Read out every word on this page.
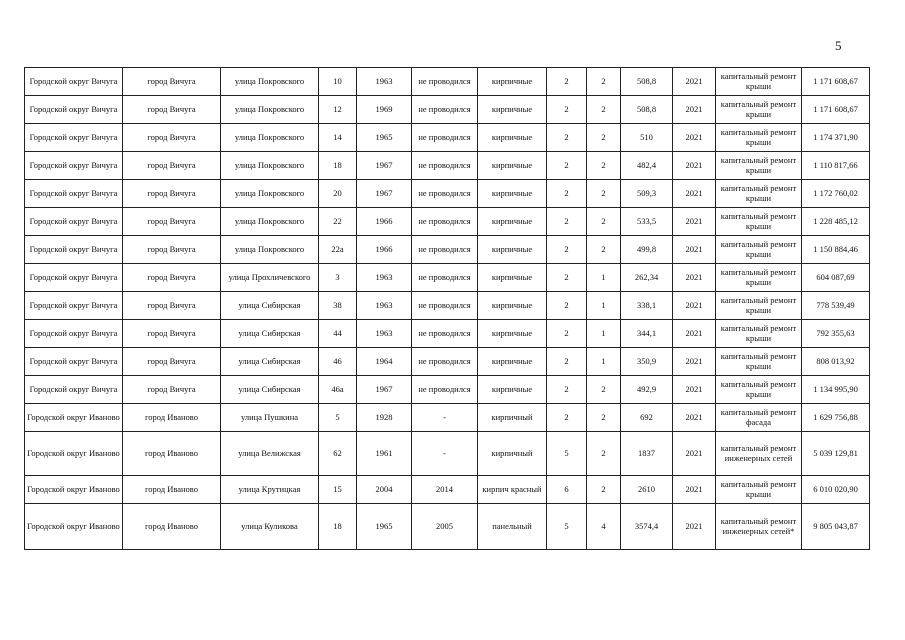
5
Городской округ Вичуга	город Вичуга	улица Покровского	10	1963	не проводился	кирпичные	2	2	508,8	2021	капитальный ремонт крыши	1 171 608,67
Городской округ Вичуга	город Вичуга	улица Покровского	12	1969	не проводился	кирпичные	2	2	508,8	2021	капитальный ремонт крыши	1 171 608,67
Городской округ Вичуга	город Вичуга	улица Покровского	14	1965	не проводился	кирпичные	2	2	510	2021	капитальный ремонт крыши	1 174 371,90
Городской округ Вичуга	город Вичуга	улица Покровского	18	1967	не проводился	кирпичные	2	2	482,4	2021	капитальный ремонт крыши	1 110 817,66
Городской округ Вичуга	город Вичуга	улица Покровского	20	1967	не проводился	кирпичные	2	2	509,3	2021	капитальный ремонт крыши	1 172 760,02
Городской округ Вичуга	город Вичуга	улица Покровского	22	1966	не проводился	кирпичные	2	2	533,5	2021	капитальный ремонт крыши	1 228 485,12
Городской округ Вичуга	город Вичуга	улица Покровского	22а	1966	не проводился	кирпичные	2	2	499,8	2021	капитальный ремонт крыши	1 150 884,46
Городской округ Вичуга	город Вичуга	улица Прохличевского	3	1963	не проводился	кирпичные	2	1	262,34	2021	капитальный ремонт крыши	604 087,69
Городской округ Вичуга	город Вичуга	улица Сибирская	38	1963	не проводился	кирпичные	2	1	338,1	2021	капитальный ремонт крыши	778 539,49
Городской округ Вичуга	город Вичуга	улица Сибирская	44	1963	не проводился	кирпичные	2	1	344,1	2021	капитальный ремонт крыши	792 355,63
Городской округ Вичуга	город Вичуга	улица Сибирская	46	1964	не проводился	кирпичные	2	1	350,9	2021	капитальный ремонт крыши	808 013,92
Городской округ Вичуга	город Вичуга	улица Сибирская	46а	1967	не проводился	кирпичные	2	2	492,9	2021	капитальный ремонт крыши	1 134 995,90
Городской округ Иваново	город Иваново	улица Пушкина	5	1928	-	кирпичный	2	2	692	2021	капитальный ремонт фасада	1 629 756,88
Городской округ Иваново	город Иваново	улица Велижская	62	1961	-	кирпичный	5	2	1837	2021	капитальный ремонт инженерных сетей	5 039 129,81
Городской округ Иваново	город Иваново	улица Крутицкая	15	2004	2014	кирпич красный	6	2	2610	2021	капитальный ремонт крыши	6 010 020,90
Городской округ Иваново	город Иваново	улица Куликова	18	1965	2005	панельный	5	4	3574,4	2021	капитальный ремонт инженерных сетей*	9 805 043,87
